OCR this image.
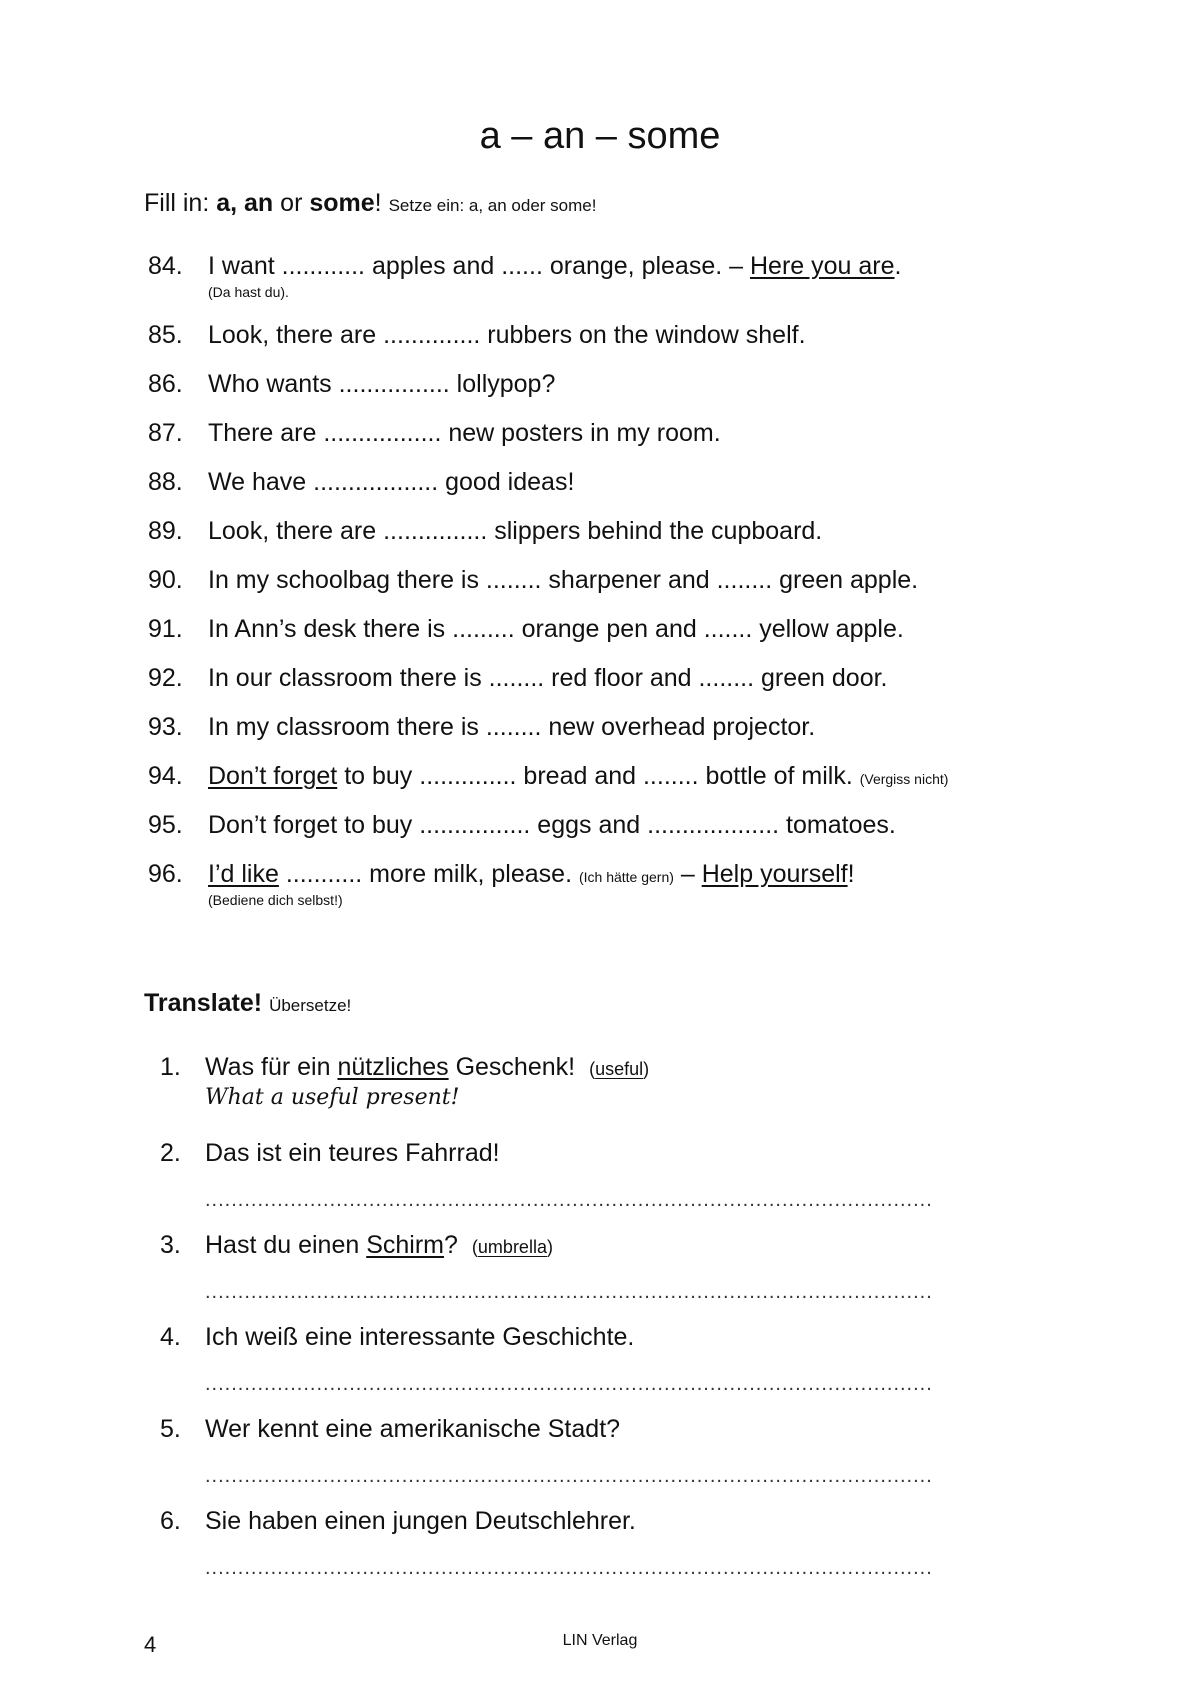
a – an – some
Fill in: a, an or some! Setze ein: a, an oder some!
84. I want ............ apples and ...... orange, please. – Here you are.
(Da hast du).
85. Look, there are .............. rubbers on the window shelf.
86. Who wants ................ lollypop?
87. There are ................. new posters in my room.
88. We have .................. good ideas!
89. Look, there are ............... slippers behind the cupboard.
90. In my schoolbag there is ........ sharpener and ........ green apple.
91. In Ann’s desk there is ......... orange pen and ....... yellow apple.
92. In our classroom there is ........ red floor and ........ green door.
93. In my classroom there is ........ new overhead projector.
94. Don’t forget to buy .............. bread and ........ bottle of milk. (Vergiss nicht)
95. Don’t forget to buy ................ eggs and ................... tomatoes.
96. I’d like ........... more milk, please. (Ich hätte gern) – Help yourself!
(Bediene dich selbst!)
Translate! Übersetze!
1. Was für ein nützliches Geschenk! (useful)
What a useful present!
2. Das ist ein teures Fahrrad!
...............................................................................................................
3. Hast du einen Schirm? (umbrella)
...............................................................................................................
4. Ich weiß eine interessante Geschichte.
...............................................................................................................
5. Wer kennt eine amerikanische Stadt?
...............................................................................................................
6. Sie haben einen jungen Deutschlehrer.
...............................................................................................................
4	LIN Verlag
